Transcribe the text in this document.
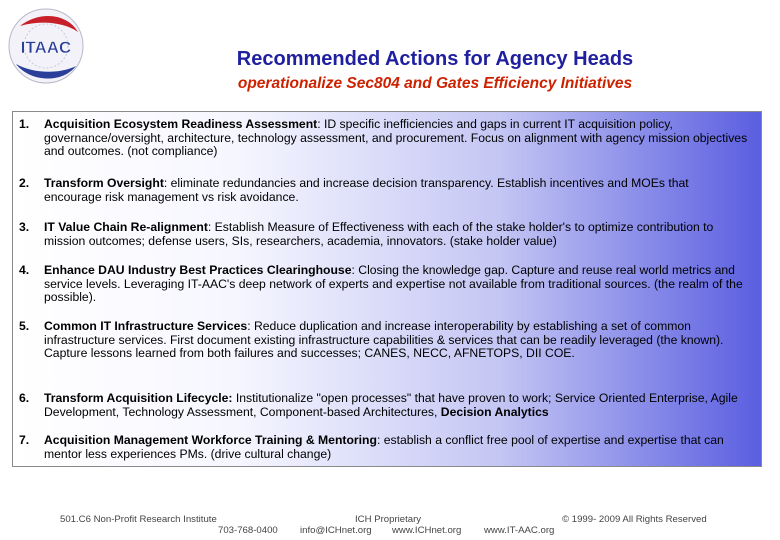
ITAAC
Recommended Actions for Agency Heads
operationalize Sec804 and Gates Efficiency Initiatives
1. Acquisition Ecosystem Readiness Assessment: ID specific inefficiencies and gaps in current IT acquisition policy, governance/oversight, architecture, technology assessment, and procurement. Focus on alignment with agency mission objectives and outcomes. (not compliance)
2. Transform Oversight: eliminate redundancies and increase decision transparency. Establish incentives and MOEs that encourage risk management vs risk avoidance.
3. IT Value Chain Re-alignment: Establish Measure of Effectiveness with each of the stake holder's to optimize contribution to mission outcomes; defense users, SIs, researchers, academia, innovators. (stake holder value)
4. Enhance DAU Industry Best Practices Clearinghouse: Closing the knowledge gap. Capture and reuse real world metrics and service levels. Leveraging IT-AAC's deep network of experts and expertise not available from traditional sources. (the realm of the possible).
5. Common IT Infrastructure Services: Reduce duplication and increase interoperability by establishing a set of common infrastructure services. First document existing infrastructure capabilities & services that can be readily leveraged (the known). Capture lessons learned from both failures and successes; CANES, NECC, AFNETOPS, DII COE.
6. Transform Acquisition Lifecycle: Institutionalize "open processes" that have proven to work; Service Oriented Enterprise, Agile Development, Technology Assessment, Component-based Architectures, Decision Analytics
7. Acquisition Management Workforce Training & Mentoring: establish a conflict free pool of expertise and expertise that can mentor less experiences PMs. (drive cultural change)
501.C6 Non-Profit Research Institute
703-768-0400
ICH Proprietary
info@ICHnet.org www.ICHnet.org www.IT-AAC.org
© 1999- 2009 All Rights Reserved
